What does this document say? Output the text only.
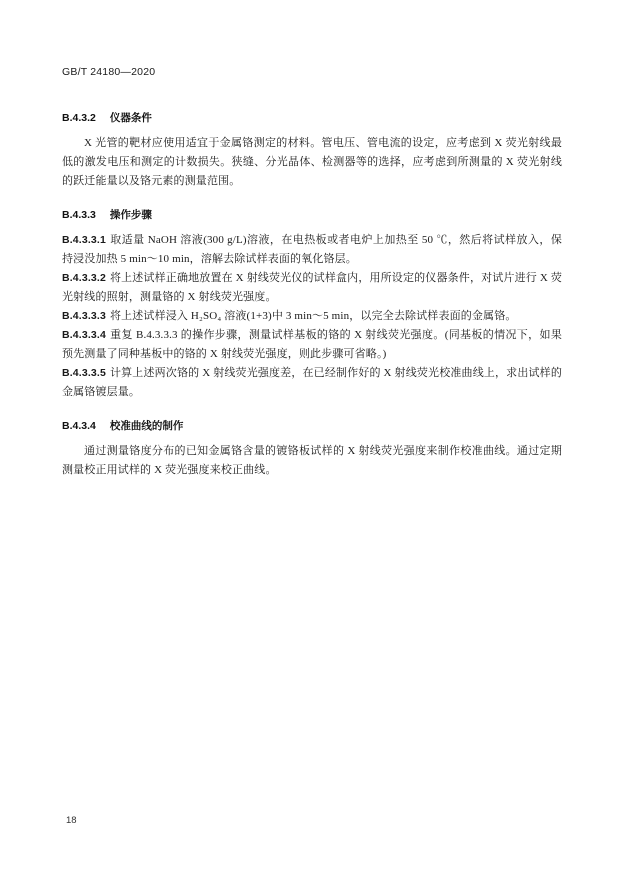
GB/T 24180—2020
B.4.3.2 仪器条件

X 光管的靶材应使用适宜于金属铬测定的材料。管电压、管电流的设定，应考虑到 X 荧光射线最低的激发电压和测定的计数损失。狭缝、分光晶体、检测器等的选择，应考虑到所测量的 X 荧光射线的跃迁能量以及铬元素的测量范围。

B.4.3.3 操作步骤

B.4.3.3.1 取适量 NaOH 溶液(300 g/L)溶液，在电热板或者电炉上加热至 50 ℃，然后将试样放入，保持浸没加热 5 min～10 min，溶解去除试样表面的氧化铬层。

B.4.3.3.2 将上述试样正确地放置在 X 射线荧光仪的试样盒内，用所设定的仪器条件，对试片进行 X 荧光射线的照射，测量铬的 X 射线荧光强度。

B.4.3.3.3 将上述试样浸入 H₂SO₄ 溶液(1+3)中 3 min～5 min，以完全去除试样表面的金属铬。

B.4.3.3.4 重复 B.4.3.3.3 的操作步骤，测量试样基板的铬的 X 射线荧光强度。(同基板的情况下，如果预先测量了同种基板中的铬的 X 射线荧光强度，则此步骤可省略。)

B.4.3.3.5 计算上述两次铬的 X 射线荧光强度差，在已经制作好的 X 射线荧光校准曲线上，求出试样的金属铬镀层量。

B.4.3.4 校准曲线的制作

通过测量铬度分布的已知金属铬含量的镀铬板试样的 X 射线荧光强度来制作校准曲线。通过定期测量校正用试样的 X 荧光强度来校正曲线。

18
